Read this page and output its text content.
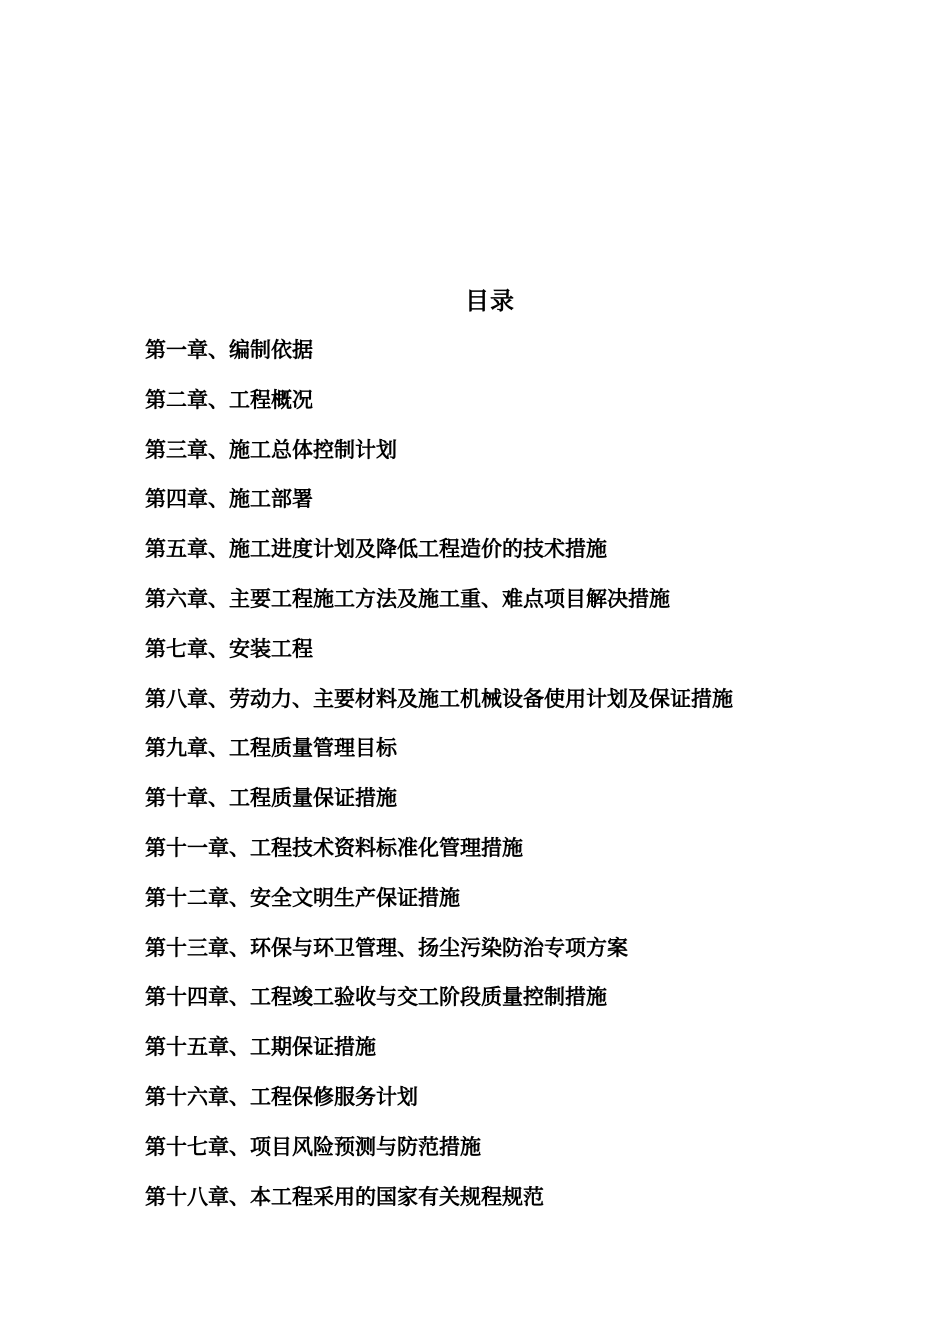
目录
第一章、编制依据
第二章、工程概况
第三章、施工总体控制计划
第四章、施工部署
第五章、施工进度计划及降低工程造价的技术措施
第六章、主要工程施工方法及施工重、难点项目解决措施
第七章、安装工程
第八章、劳动力、主要材料及施工机械设备使用计划及保证措施
第九章、工程质量管理目标
第十章、工程质量保证措施
第十一章、工程技术资料标准化管理措施
第十二章、安全文明生产保证措施
第十三章、环保与环卫管理、扬尘污染防治专项方案
第十四章、工程竣工验收与交工阶段质量控制措施
第十五章、工期保证措施
第十六章、工程保修服务计划
第十七章、项目风险预测与防范措施
第十八章、本工程采用的国家有关规程规范
